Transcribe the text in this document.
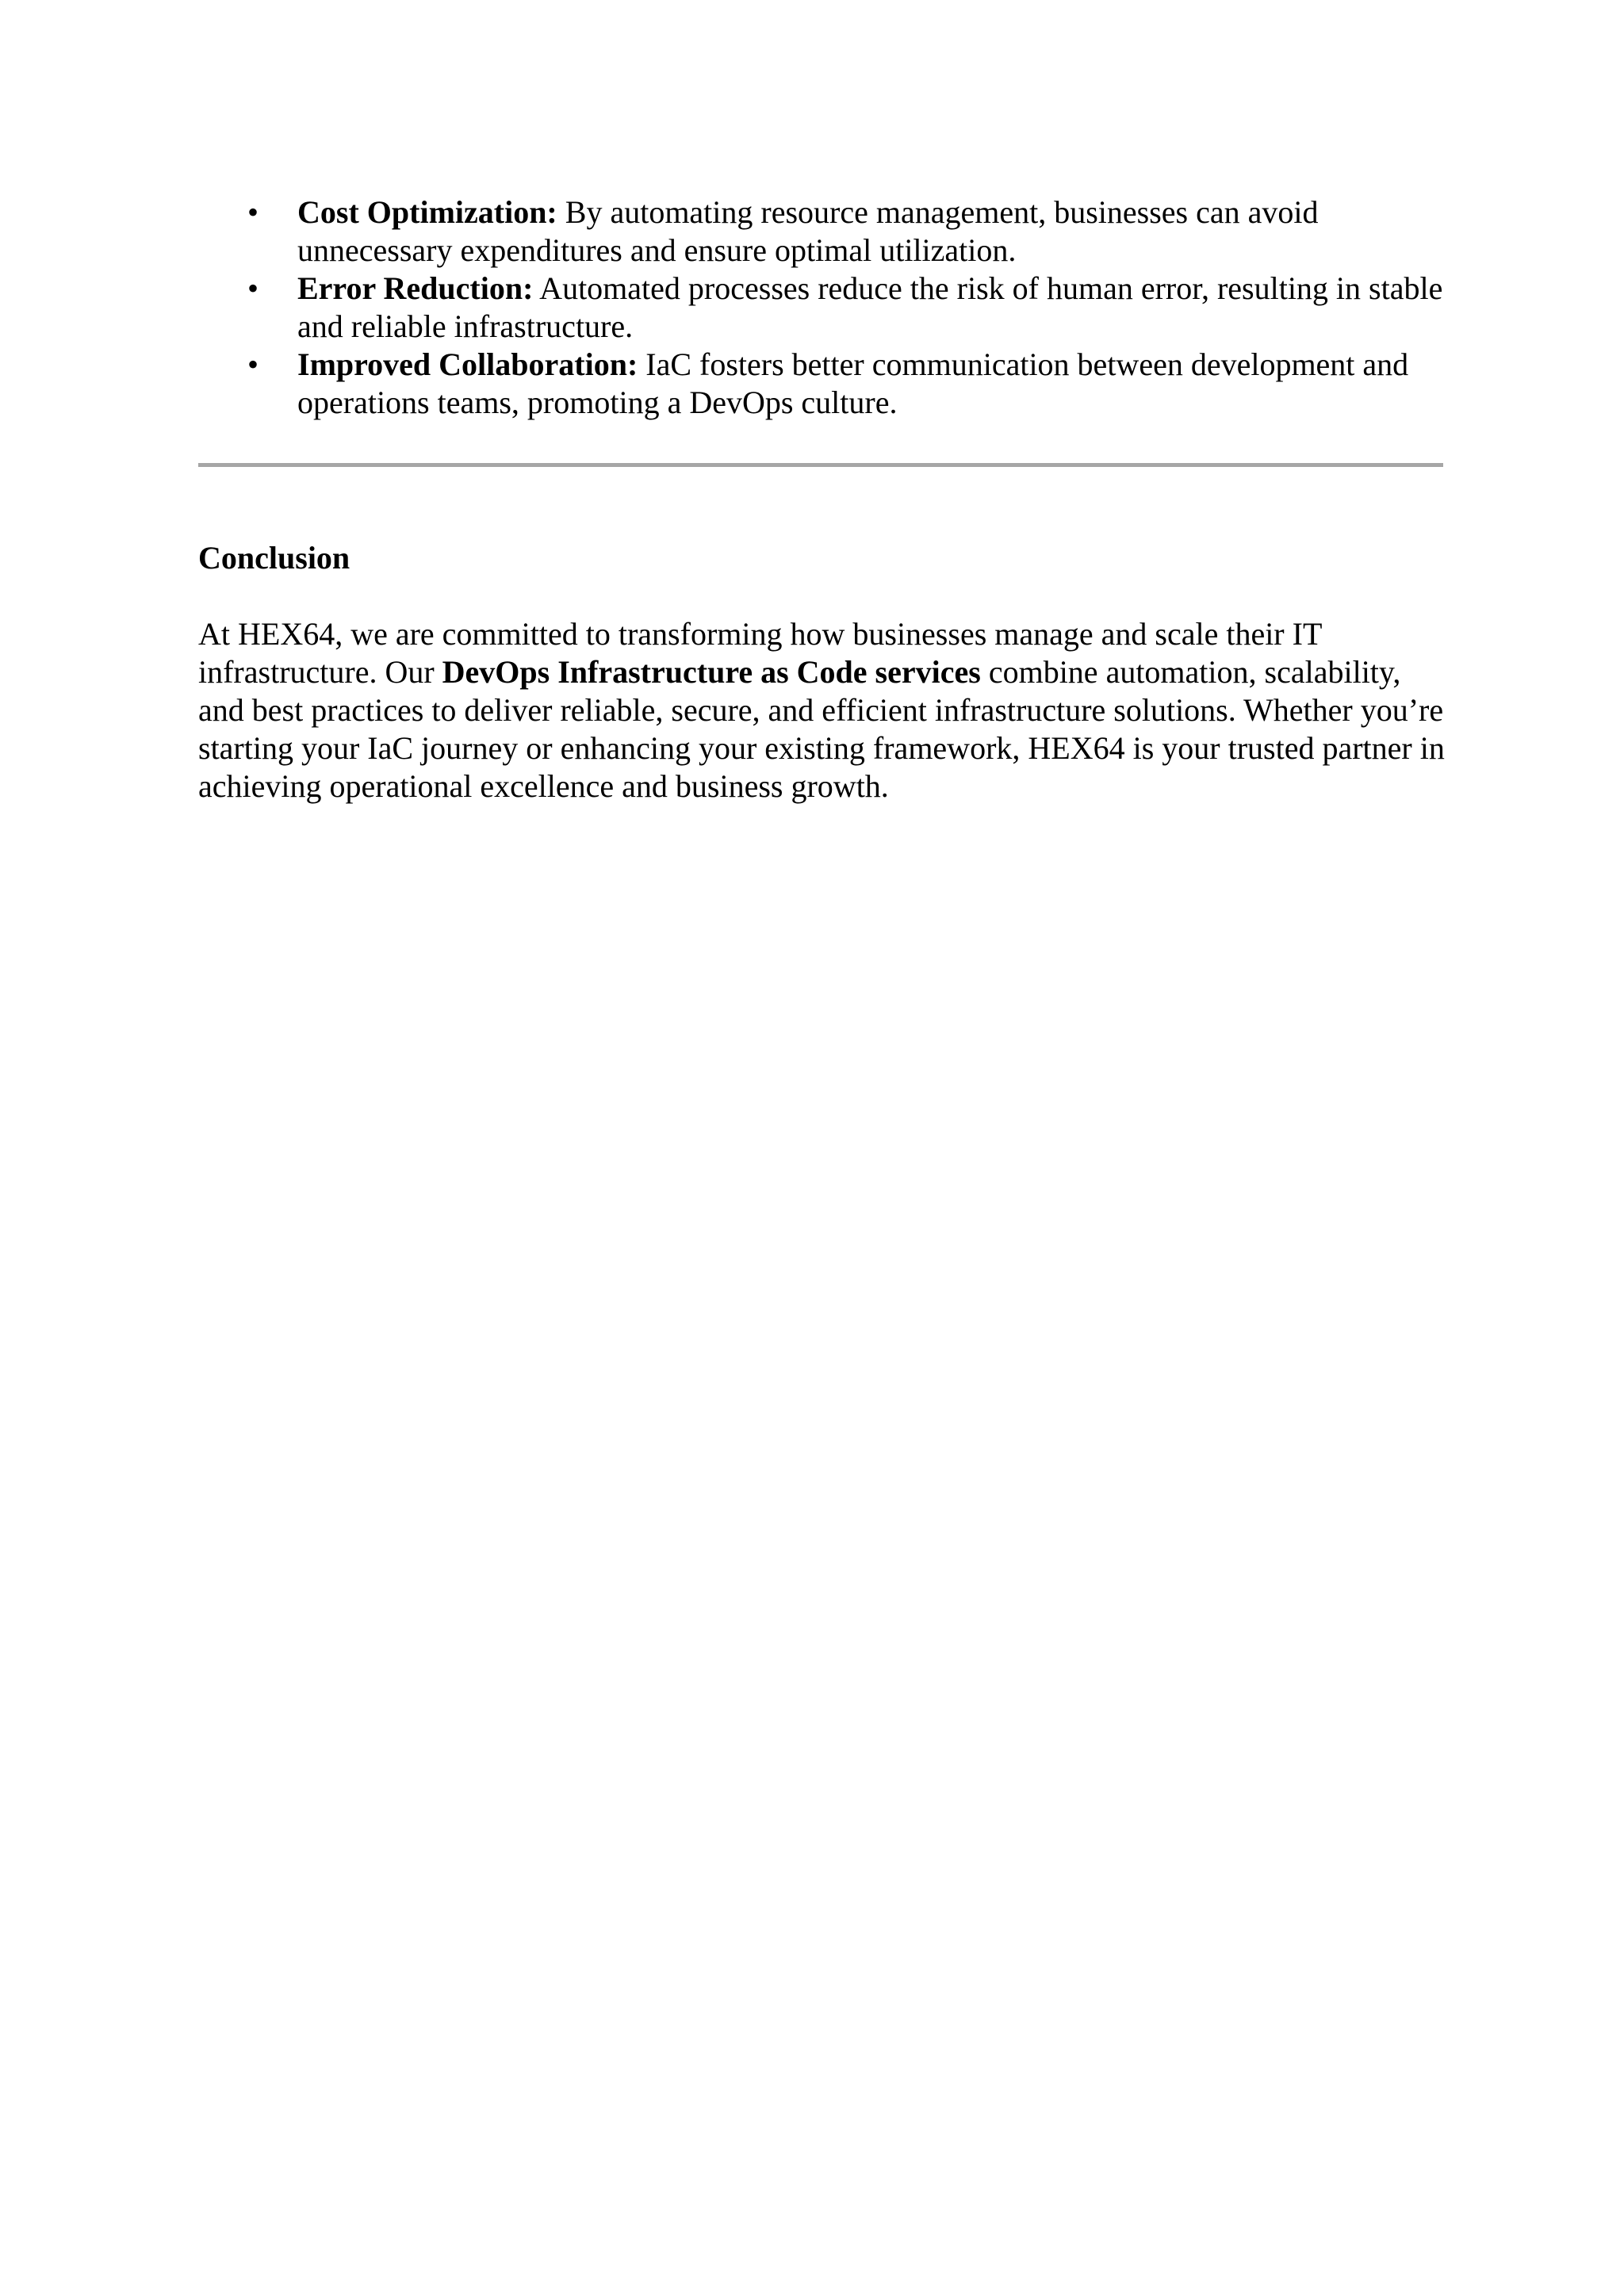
• Cost Optimization: By automating resource management, businesses can avoid unnecessary expenditures and ensure optimal utilization.
• Error Reduction: Automated processes reduce the risk of human error, resulting in stable and reliable infrastructure.
• Improved Collaboration: IaC fosters better communication between development and operations teams, promoting a DevOps culture.
Conclusion

At HEX64, we are committed to transforming how businesses manage and scale their IT infrastructure. Our DevOps Infrastructure as Code services combine automation, scalability, and best practices to deliver reliable, secure, and efficient infrastructure solutions. Whether you’re starting your IaC journey or enhancing your existing framework, HEX64 is your trusted partner in achieving operational excellence and business growth.
